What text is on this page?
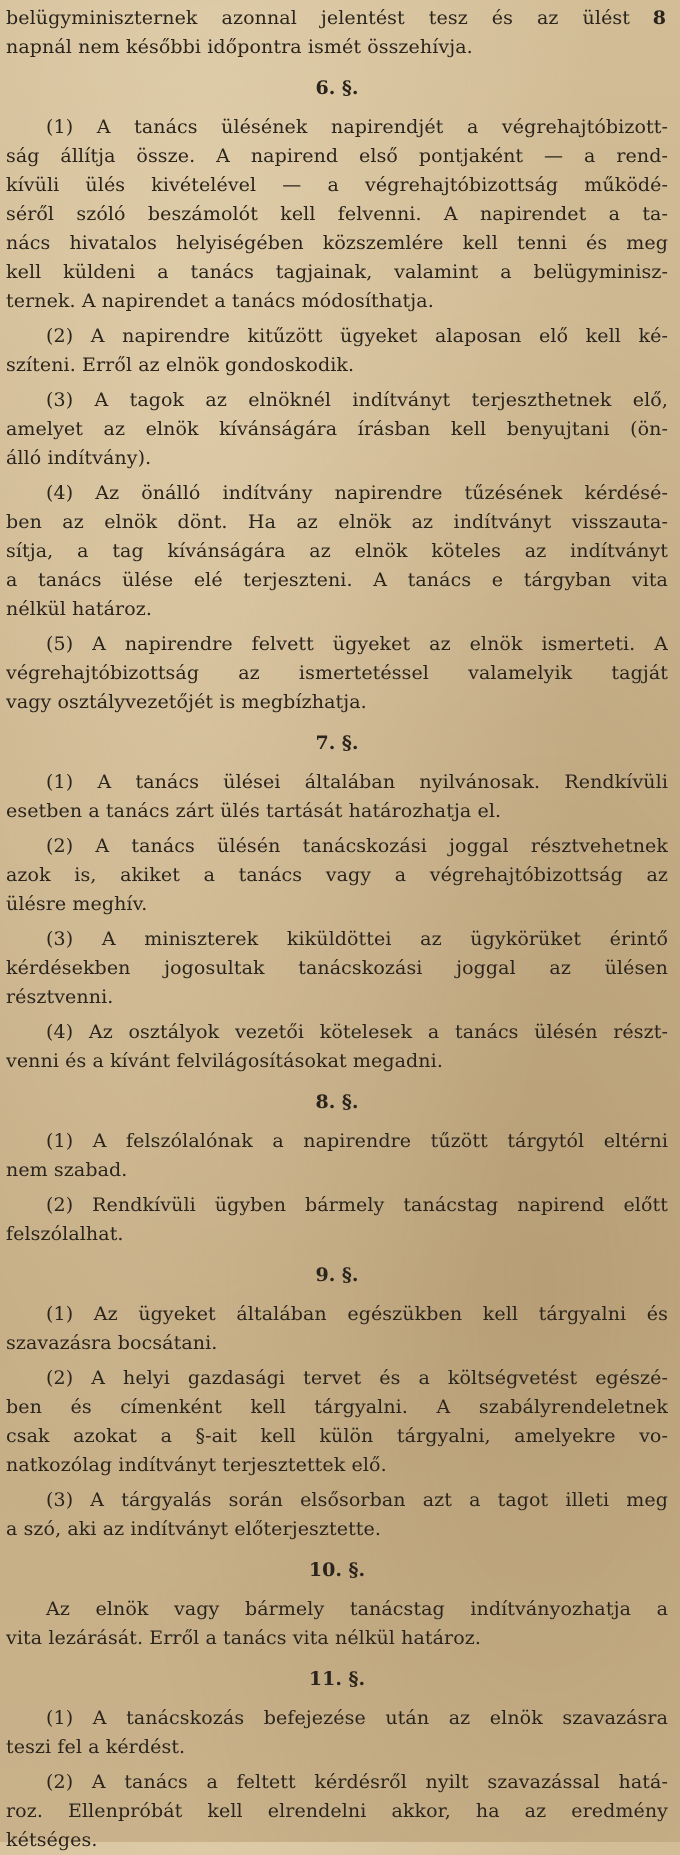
8
belügyminiszternek azonnal jelentést tesz és az ülést
napnál nem későbbi időpontra ismét összehívja.
6. §.
(1) A tanács ülésének napirendjét a végrehajtóbizott-
ság állítja össze. A napirend első pontjaként — a rend-
kívüli ülés kivételével — a végrehajtóbizottság működé-
séről szóló beszámolót kell felvenni. A napirendet a ta-
nács hivatalos helyiségében közszemlére kell tenni és meg
kell küldeni a tanács tagjainak, valamint a belügyminisz-
ternek. A napirendet a tanács módosíthatja.
(2) A napirendre kitűzött ügyeket alaposan elő kell ké-
szíteni. Erről az elnök gondoskodik.
(3) A tagok az elnöknél indítványt terjeszthetnek elő,
amelyet az elnök kívánságára írásban kell benyujtani (ön-
álló indítvány).
(4) Az önálló indítvány napirendre tűzésének kérdésé-
ben az elnök dönt. Ha az elnök az indítványt visszauta-
sítja, a tag kívánságára az elnök köteles az indítványt
a tanács ülése elé terjeszteni. A tanács e tárgyban vita
nélkül határoz.
(5) A napirendre felvett ügyeket az elnök ismerteti. A
végrehajtóbizottság az ismertetéssel valamelyik tagját
vagy osztályvezetőjét is megbízhatja.
7. §.
(1) A tanács ülései általában nyilvánosak. Rendkívüli
esetben a tanács zárt ülés tartását határozhatja el.
(2) A tanács ülésén tanácskozási joggal résztvehetnek
azok is, akiket a tanács vagy a végrehajtóbizottság az
ülésre meghív.
(3) A miniszterek kiküldöttei az ügykörüket érintő
kérdésekben jogosultak tanácskozási joggal az ülésen
résztvenni.
(4) Az osztályok vezetői kötelesek a tanács ülésén részt-
venni és a kívánt felvilágosításokat megadni.
8. §.
(1) A felszólalónak a napirendre tűzött tárgytól eltérni
nem szabad.
(2) Rendkívüli ügyben bármely tanácstag napirend előtt
felszólalhat.
9. §.
(1) Az ügyeket általában egészükben kell tárgyalni és
szavazásra bocsátani.
(2) A helyi gazdasági tervet és a költségvetést egészé-
ben és címenként kell tárgyalni. A szabályrendeletnek
csak azokat a §-ait kell külön tárgyalni, amelyekre vo-
natkozólag indítványt terjesztettek elő.
(3) A tárgyalás során elsősorban azt a tagot illeti meg
a szó, aki az indítványt előterjesztette.
10. §.
Az elnök vagy bármely tanácstag indítványozhatja a
vita lezárását. Erről a tanács vita nélkül határoz.
11. §.
(1) A tanácskozás befejezése után az elnök szavazásra
teszi fel a kérdést.
(2) A tanács a feltett kérdésről nyilt szavazással hatá-
roz. Ellenpróbát kell elrendelni akkor, ha az eredmény
kétséges.
